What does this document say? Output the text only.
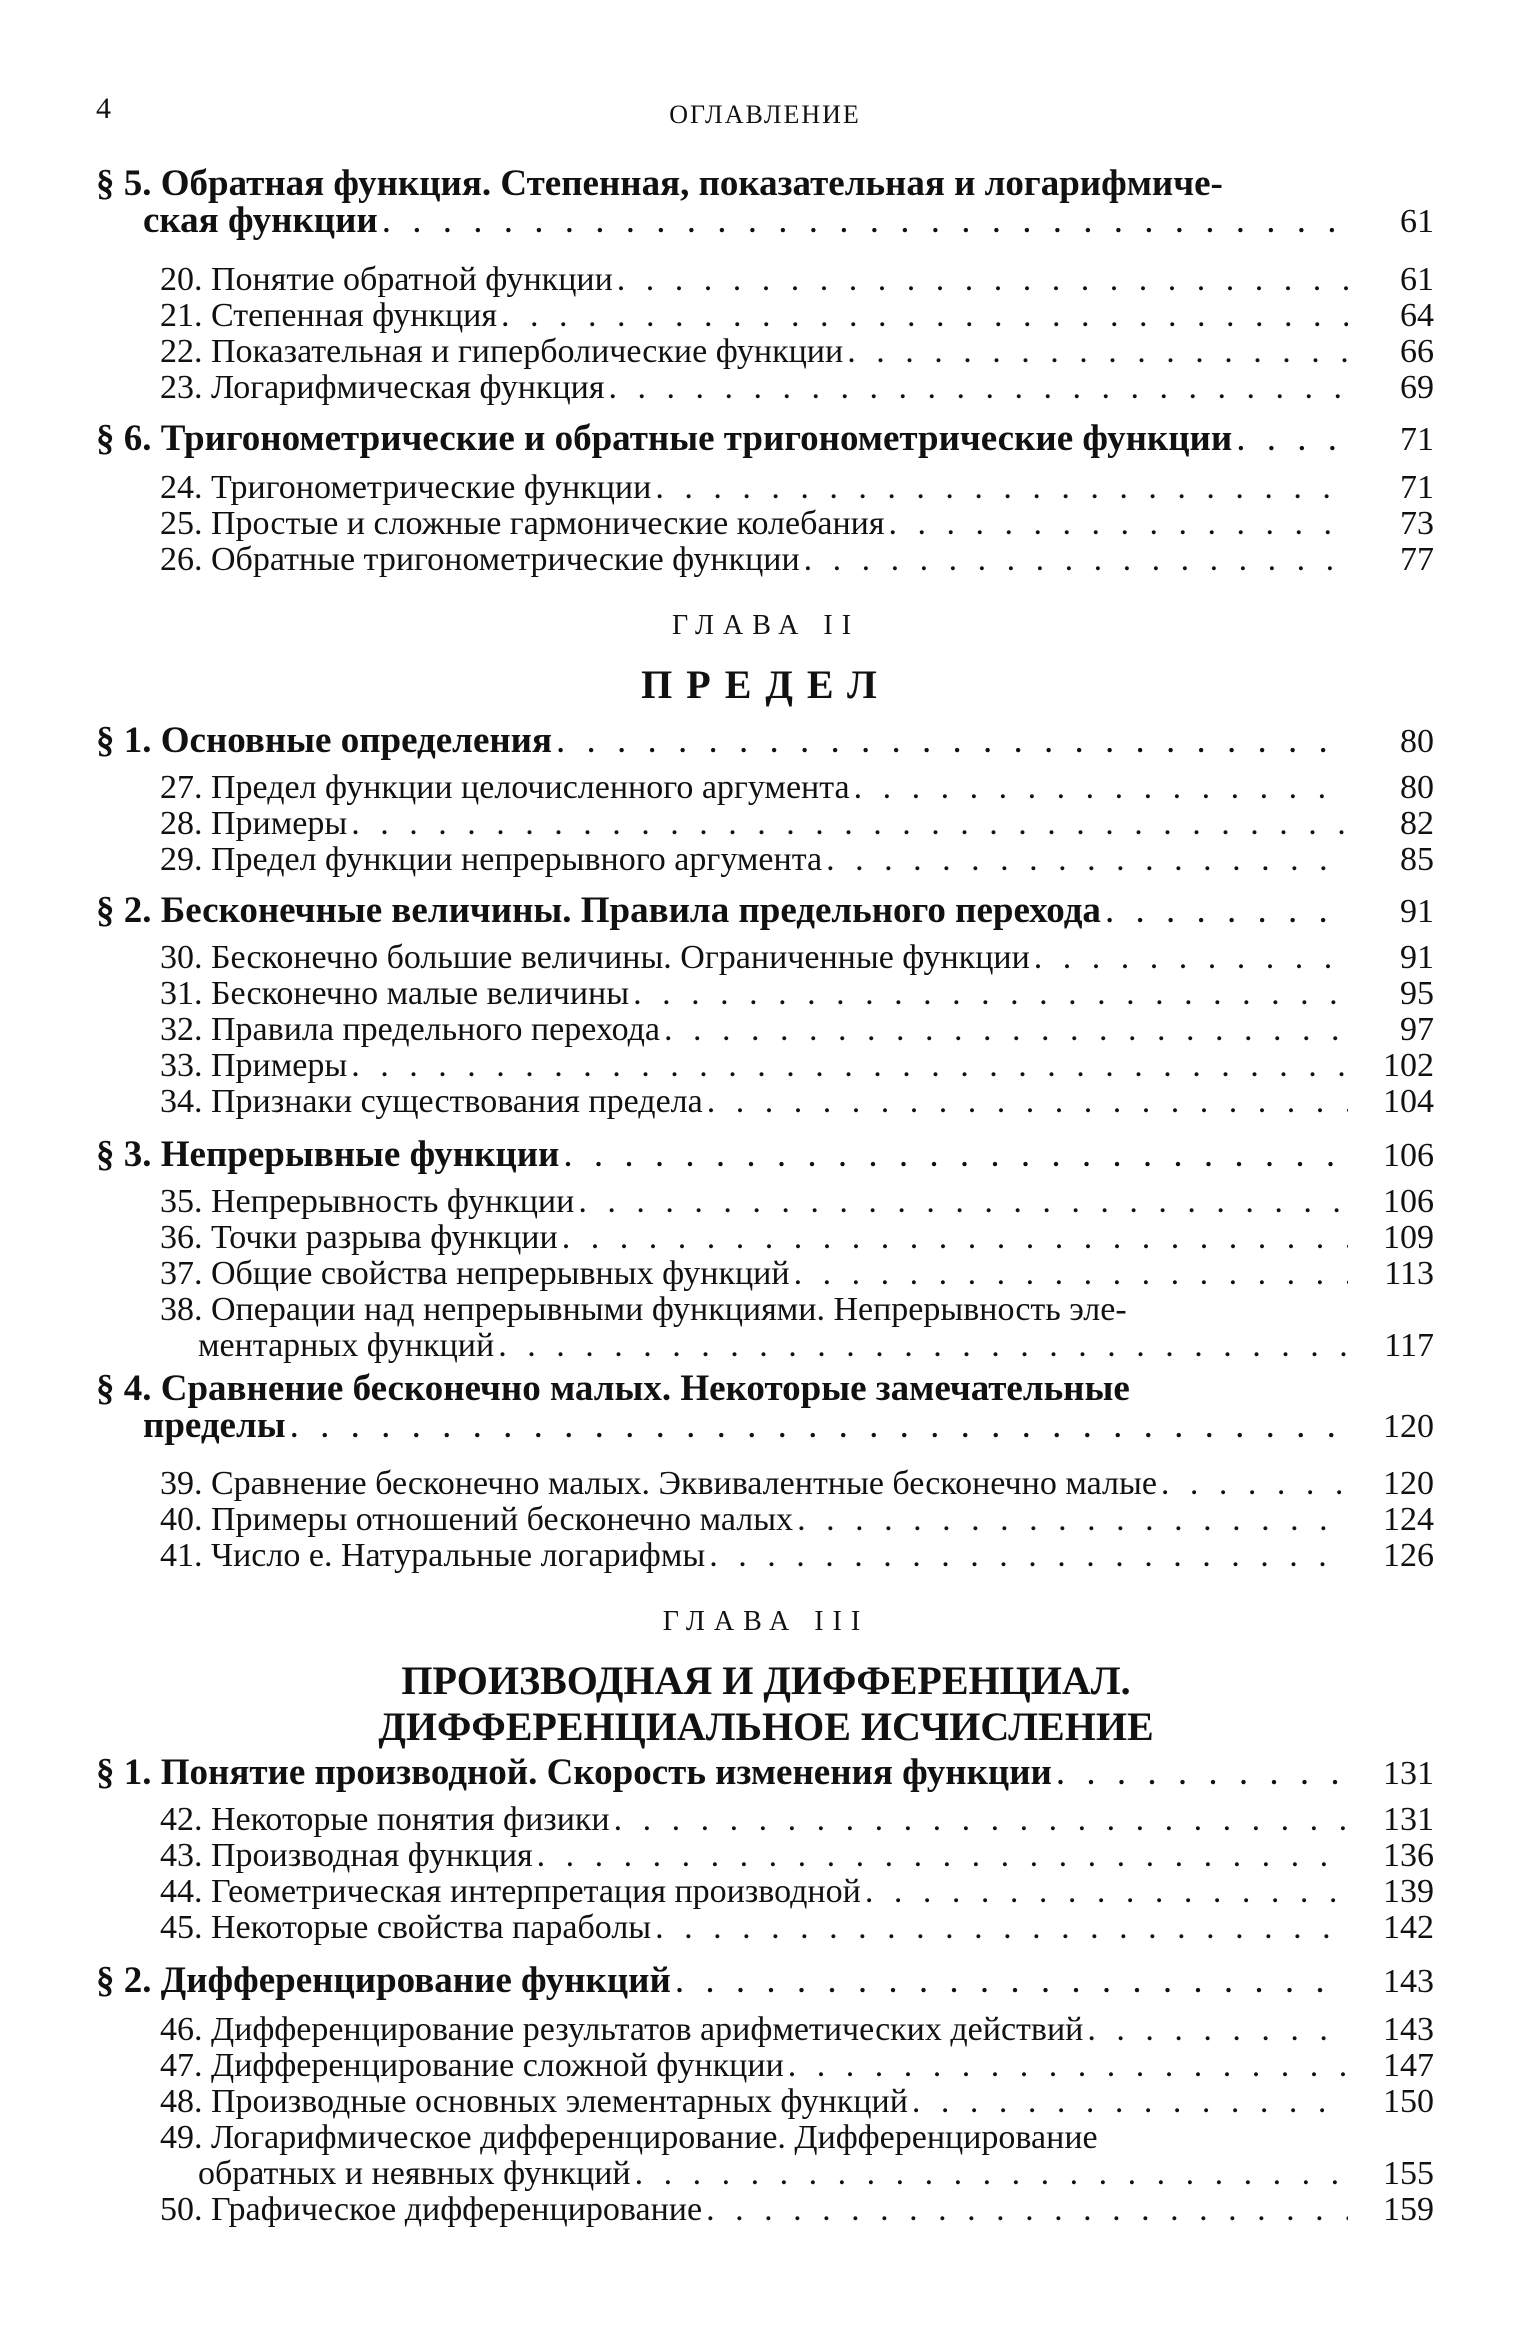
4	ОГЛАВЛЕНИЕ
§ 5. Обратная функция. Степенная, показательная и логарифмиче-
ская функции . . .	61
20. Понятие обратной функции . . .	61
21. Степенная функция . . .	64
22. Показательная и гиперболические функции . . .	66
23. Логарифмическая функция . . .	69
§ 6. Тригонометрические и обратные тригонометрические функции . . .	71
24. Тригонометрические функции . . .	71
25. Простые и сложные гармонические колебания . . .	73
26. Обратные тригонометрические функции . . .	77
ГЛАВА II
ПРЕДЕЛ
§ 1. Основные определения . . .	80
27. Предел функции целочисленного аргумента . . .	80
28. Примеры . . .	82
29. Предел функции непрерывного аргумента . . .	85
§ 2. Бесконечные величины. Правила предельного перехода . . .	91
30. Бесконечно большие величины. Ограниченные функции . . .	91
31. Бесконечно малые величины . . .	95
32. Правила предельного перехода . . .	97
33. Примеры . . .	102
34. Признаки существования предела . . .	104
§ 3. Непрерывные функции . . .	106
35. Непрерывность функции . . .	106
36. Точки разрыва функции . . .	109
37. Общие свойства непрерывных функций . . .	113
38. Операции над непрерывными функциями. Непрерывность эле-
ментарных функций . . .	117
§ 4. Сравнение бесконечно малых. Некоторые замечательные
пределы . . .	120
39. Сравнение бесконечно малых. Эквивалентные бесконечно малые . . .	120
40. Примеры отношений бесконечно малых . . .	124
41. Число e. Натуральные логарифмы . . .	126
ГЛАВА III
ПРОИЗВОДНАЯ И ДИФФЕРЕНЦИАЛ.
ДИФФЕРЕНЦИАЛЬНОЕ ИСЧИСЛЕНИЕ
§ 1. Понятие производной. Скорость изменения функции . . .	131
42. Некоторые понятия физики . . .	131
43. Производная функция . . .	136
44. Геометрическая интерпретация производной . . .	139
45. Некоторые свойства параболы . . .	142
§ 2. Дифференцирование функций . . .	143
46. Дифференцирование результатов арифметических действий . . .	143
47. Дифференцирование сложной функции . . .	147
48. Производные основных элементарных функций . . .	150
49. Логарифмическое дифференцирование. Дифференцирование
обратных и неявных функций . . .	155
50. Графическое дифференцирование . . .	159
